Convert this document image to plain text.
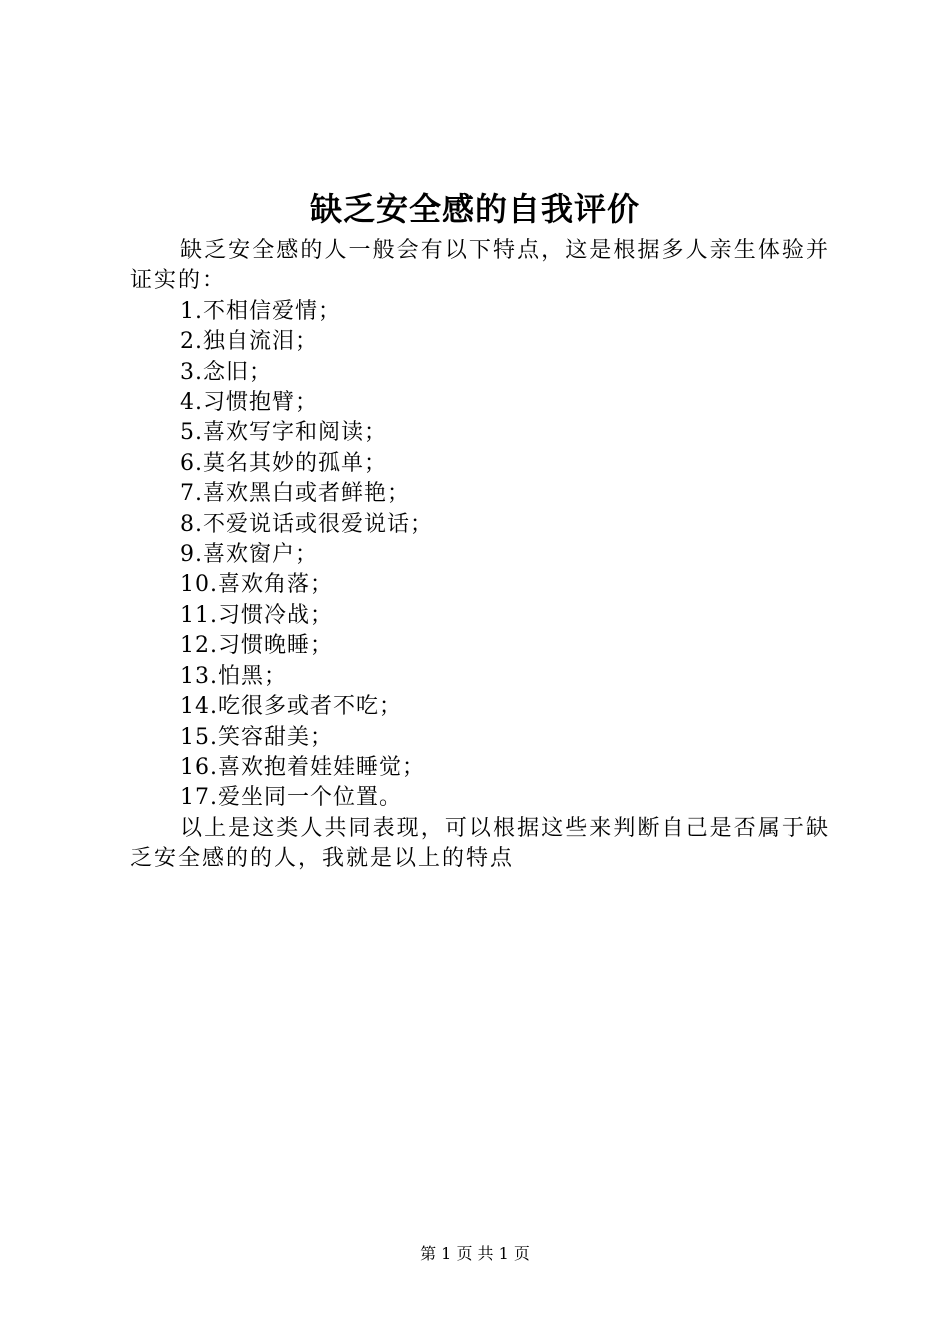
缺乏安全感的自我评价

缺乏安全感的人一般会有以下特点，这是根据多人亲生体验并证实的：

1.不相信爱情；
2.独自流泪；
3.念旧；
4.习惯抱臂；
5.喜欢写字和阅读；
6.莫名其妙的孤单；
7.喜欢黑白或者鲜艳；
8.不爱说话或很爱说话；
9.喜欢窗户；
10.喜欢角落；
11.习惯冷战；
12.习惯晚睡；
13.怕黑；
14.吃很多或者不吃；
15.笑容甜美；
16.喜欢抱着娃娃睡觉；
17.爱坐同一个位置。

以上是这类人共同表现，可以根据这些来判断自己是否属于缺乏安全感的的人，我就是以上的特点

第 1 页 共 1 页
